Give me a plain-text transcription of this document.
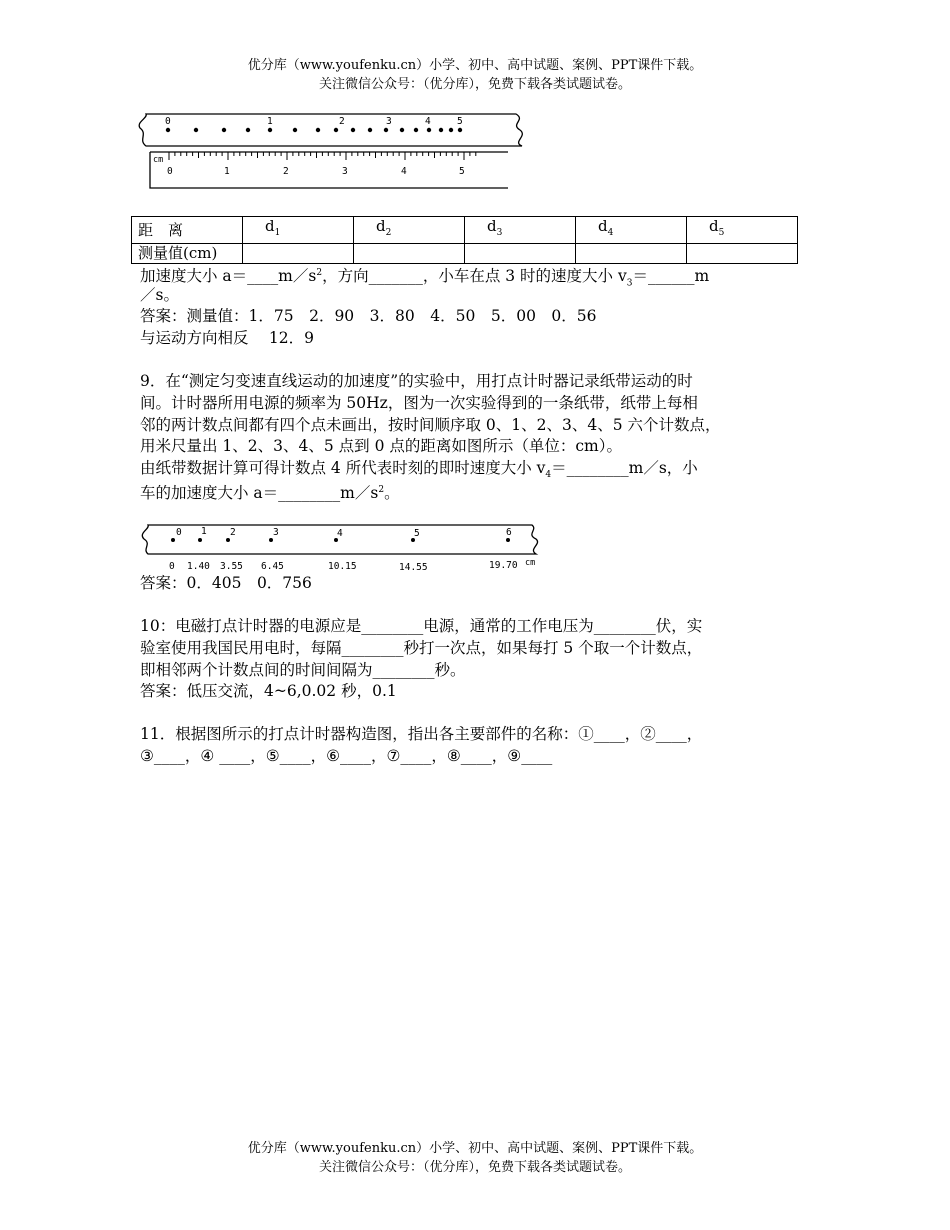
优分库（www.youfenku.cn）小学、初中、高中试题、案例、PPT课件下载。
关注微信公众号：（优分库），免费下载各类试题试卷。
0	1	2	3	4	5
cm
0	1	2	3	4	5
距　离	$d_1$	$d_2$	$d_3$	$d_4$	$d_5$
测量值(cm)					
加速度大小 $a=\_\_\_\_m/s^2$，方向_______，小车在点 3 时的速度大小 $v_3=\_\_\_\_\_\_m$
／s。
答案：测量值：1．75　2．90　3．80　4．50　5．00　0．56
与运动方向相反　 12．9
9．在“测定匀变速直线运动的加速度”的实验中，用打点计时器记录纸带运动的时
间。计时器所用电源的频率为 50Hz，图为一次实验得到的一条纸带，纸带上每相
邻的两计数点间都有四个点未画出，按时间顺序取 0、1、2、3、4、5 六个计数点，
用米尺量出 1、2、3、4、5 点到 0 点的距离如图所示（单位：cm）。
由纸带数据计算可得计数点 4 所代表时刻的即时速度大小 $v_4=\_\_\_\_\_\_\_\_m/s$，小
车的加速度大小 $a=\_\_\_\_\_\_\_\_m/s^2$。
0 1 2	3	4	5	6
0 1.40 3.55 6.45	10.15	14.55	19.70 cm
答案：0．405　0．756
10：电磁打点计时器的电源应是________电源，通常的工作电压为________伏，实
验室使用我国民用电时，每隔________秒打一次点，如果每打 5 个取一个计数点，
即相邻两个计数点间的时间间隔为________秒。
答案：低压交流，4~6,0.02 秒，0.1
11．根据图所示的打点计时器构造图，指出各主要部件的名称：①____，②____，
③____，④ ____，⑤____，⑥____，⑦____，⑧____，⑨____
优分库（www.youfenku.cn）小学、初中、高中试题、案例、PPT课件下载。
关注微信公众号：（优分库），免费下载各类试题试卷。
